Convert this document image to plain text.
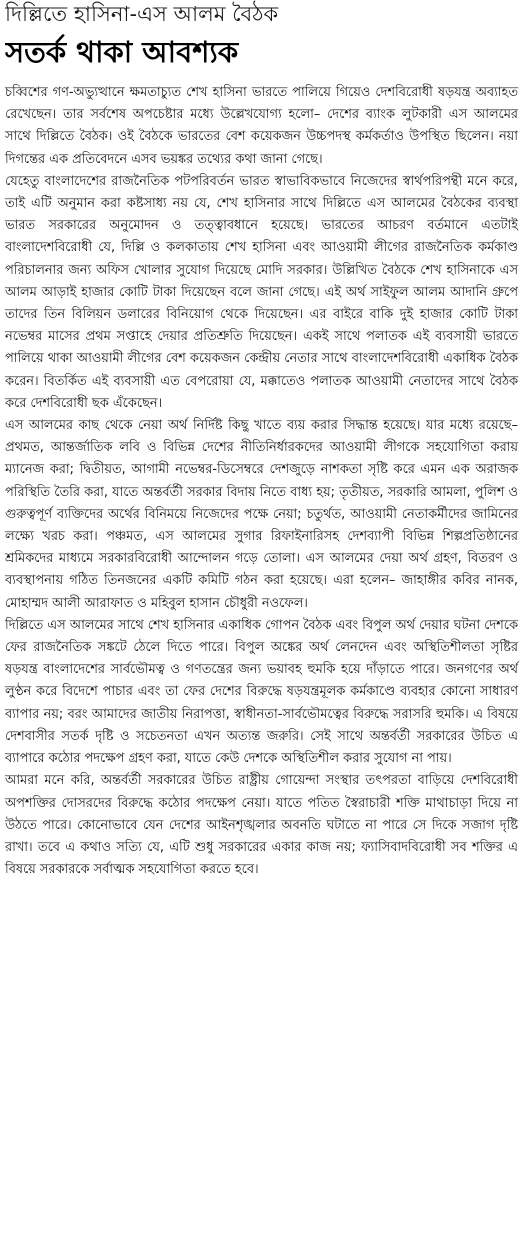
দিল্লিতে হাসিনা-এস আলম বৈঠক
সতর্ক থাকা আবশ্যক

চব্বিশের গণ-অভ্যুত্থানে ক্ষমতাচ্যুত শেখ হাসিনা ভারতে পালিয়ে গিয়েও দেশবিরোধী ষড়যন্ত্র অব্যাহত রেখেছেন। তার সর্বশেষ অপচেষ্টার মধ্যে উল্লেখযোগ্য হলো– দেশের ব্যাংক লুটকারী এস আলমের সাথে দিল্লিতে বৈঠক। ওই বৈঠকে ভারতের বেশ কয়েকজন উচ্চপদস্থ কর্মকর্তাও উপস্থিত ছিলেন। নয়া দিগন্তের এক প্রতিবেদনে এসব ভয়ঙ্কর তথ্যের কথা জানা গেছে।

যেহেতু বাংলাদেশের রাজনৈতিক পটপরিবর্তন ভারত স্বাভাবিকভাবে নিজেদের স্বার্থপরিপন্থী মনে করে, তাই এটি অনুমান করা কষ্টসাধ্য নয় যে, শেখ হাসিনার সাথে দিল্লিতে এস আলমের বৈঠকের ব্যবস্থা ভারত সরকারের অনুমোদন ও তত্ত্বাবধানে হয়েছে। ভারতের আচরণ বর্তমানে এতটাই বাংলাদেশবিরোধী যে, দিল্লি ও কলকাতায় শেখ হাসিনা এবং আওয়ামী লীগের রাজনৈতিক কর্মকাণ্ড পরিচালনার জন্য অফিস খোলার সুযোগ দিয়েছে মোদি সরকার। উল্লিখিত বৈঠকে শেখ হাসিনাকে এস আলম আড়াই হাজার কোটি টাকা দিয়েছেন বলে জানা গেছে। এই অর্থ সাইফুল আলম আদানি গ্রুপে তাদের তিন বিলিয়ন ডলারের বিনিয়োগ থেকে দিয়েছেন। এর বাইরে বাকি দুই হাজার কোটি টাকা নভেম্বর মাসের প্রথম সপ্তাহে দেয়ার প্রতিশ্রুতি দিয়েছেন। একই সাথে পলাতক এই ব্যবসায়ী ভারতে পালিয়ে থাকা আওয়ামী লীগের বেশ কয়েকজন কেন্দ্রীয় নেতার সাথে বাংলাদেশবিরোধী একাধিক বৈঠক করেন। বিতর্কিত এই ব্যবসায়ী এত বেপরোয়া যে, মক্কাতেও পলাতক আওয়ামী নেতাদের সাথে বৈঠক করে দেশবিরোধী ছক এঁকেছেন।

এস আলমের কাছ থেকে নেয়া অর্থ নির্দিষ্ট কিছু খাতে ব্যয় করার সিদ্ধান্ত হয়েছে। যার মধ্যে রয়েছে– প্রথমত, আন্তর্জাতিক লবি ও বিভিন্ন দেশের নীতিনির্ধারকদের আওয়ামী লীগকে সহযোগিতা করায় ম্যানেজ করা; দ্বিতীয়ত, আগামী নভেম্বর-ডিসেম্বরে দেশজুড়ে নাশকতা সৃষ্টি করে এমন এক অরাজক পরিস্থিতি তৈরি করা, যাতে অন্তর্বর্তী সরকার বিদায় নিতে বাধ্য হয়; তৃতীয়ত, সরকারি আমলা, পুলিশ ও গুরুত্বপূর্ণ ব্যক্তিদের অর্থের বিনিময়ে নিজেদের পক্ষে নেয়া; চতুর্থত, আওয়ামী নেতাকর্মীদের জামিনের লক্ষ্যে খরচ করা। পঞ্চমত, এস আলমের সুগার রিফাইনারিসহ দেশব্যাপী বিভিন্ন শিল্পপ্রতিষ্ঠানের শ্রমিকদের মাধ্যমে সরকারবিরোধী আন্দোলন গড়ে তোলা। এস আলমের দেয়া অর্থ গ্রহণ, বিতরণ ও ব্যবস্থাপনায় গঠিত তিনজনের একটি কমিটি গঠন করা হয়েছে। এরা হলেন– জাহাঙ্গীর কবির নানক, মোহাম্মদ আলী আরাফাত ও মহিবুল হাসান চৌধুরী নওফেল।

দিল্লিতে এস আলমের সাথে শেখ হাসিনার একাধিক গোপন বৈঠক এবং বিপুল অর্থ দেয়ার ঘটনা দেশকে ফের রাজনৈতিক সঙ্কটে ঠেলে দিতে পারে। বিপুল অঙ্কের অর্থ লেনদেন এবং অস্থিতিশীলতা সৃষ্টির ষড়যন্ত্র বাংলাদেশের সার্বভৌমত্ব ও গণতন্ত্রের জন্য ভয়াবহ হুমকি হয়ে দাঁড়াতে পারে। জনগণের অর্থ লুণ্ঠন করে বিদেশে পাচার এবং তা ফের দেশের বিরুদ্ধে ষড়যন্ত্রমূলক কর্মকাণ্ডে ব্যবহার কোনো সাধারণ ব্যাপার নয়; বরং আমাদের জাতীয় নিরাপত্তা, স্বাধীনতা-সার্বভৌমত্বের বিরুদ্ধে সরাসরি হুমকি। এ বিষয়ে দেশবাসীর সতর্ক দৃষ্টি ও সচেতনতা এখন অত্যন্ত জরুরি। সেই সাথে অন্তর্বর্তী সরকারের উচিত এ ব্যাপারে কঠোর পদক্ষেপ গ্রহণ করা, যাতে কেউ দেশকে অস্থিতিশীল করার সুযোগ না পায়।

আমরা মনে করি, অন্তর্বর্তী সরকারের উচিত রাষ্ট্রীয় গোয়েন্দা সংস্থার তৎপরতা বাড়িয়ে দেশবিরোধী অপশক্তির দোসরদের বিরুদ্ধে কঠোর পদক্ষেপ নেয়া। যাতে পতিত স্বৈরাচারী শক্তি মাথাচাড়া দিয়ে না উঠতে পারে। কোনোভাবে যেন দেশের আইনশৃঙ্খলার অবনতি ঘটাতে না পারে সে দিকে সজাগ দৃষ্টি রাখা। তবে এ কথাও সত্যি যে, এটি শুধু সরকারের একার কাজ নয়; ফ্যাসিবাদবিরোধী সব শক্তির এ বিষয়ে সরকারকে সর্বাত্মক সহযোগিতা করতে হবে।
